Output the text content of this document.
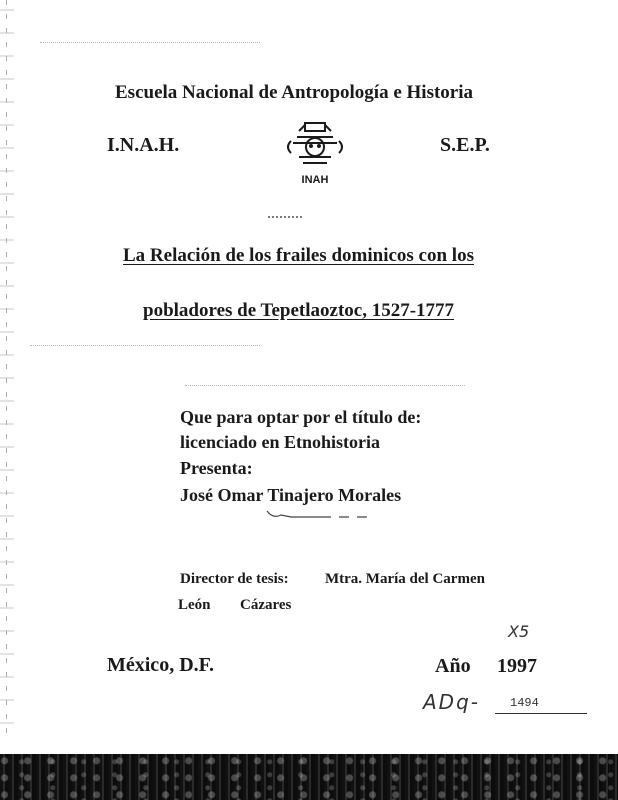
Escuela Nacional de Antropología e Historia
I.N.A.H.	S.E.P.
INAH
La Relación de los frailes dominicos con los
pobladores de Tepetlaoztoc, 1527-1777
Que para optar por el título de:
licenciado en Etnohistoria
Presenta:
José Omar Tinajero Morales
Director de tesis: Mtra. María del Carmen
León Cázares
X5
México, D.F.	Año 1997
ADq-	1494
